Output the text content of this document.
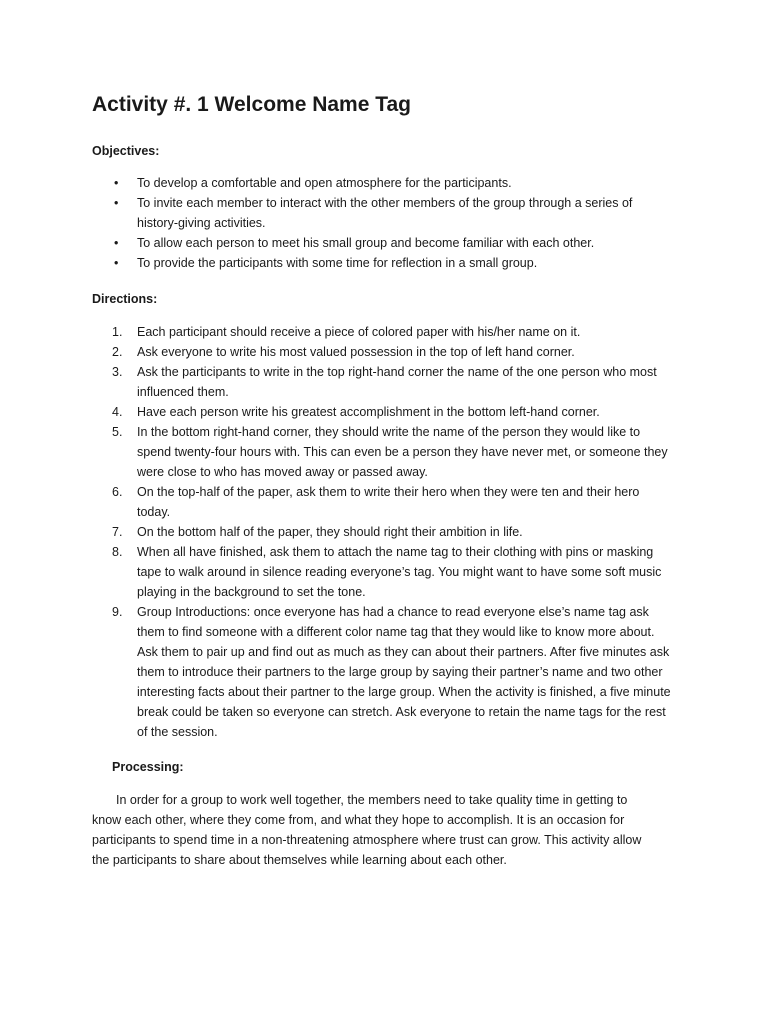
Activity #. 1 Welcome Name Tag
Objectives:
•	To develop a comfortable and open atmosphere for the participants.
•	To invite each member to interact with the other members of the group through a series of history-giving activities.
•	To allow each person to meet his small group and become familiar with each other.
•	To provide the participants with some time for reflection in a small group.
Directions:
1.	Each participant should receive a piece of colored paper with his/her name on it.
2.	Ask everyone to write his most valued possession in the top of left hand corner.
3.	Ask the participants to write in the top right-hand corner the name of the one person who most influenced them.
4.	Have each person write his greatest accomplishment in the bottom left-hand corner.
5.	In the bottom right-hand corner, they should write the name of the person they would like to spend twenty-four hours with. This can even be a person they have never met, or someone they were close to who has moved away or passed away.
6.	On the top-half of the paper, ask them to write their hero when they were ten and their hero today.
7.	On the bottom half of the paper, they should right their ambition in life.
8.	When all have finished, ask them to attach the name tag to their clothing with pins or masking tape to walk around in silence reading everyone’s tag. You might want to have some soft music playing in the background to set the tone.
9.	Group Introductions: once everyone has had a chance to read everyone else’s name tag ask them to find someone with a different color name tag that they would like to know more about. Ask them to pair up and find out as much as they can about their partners. After five minutes ask them to introduce their partners to the large group by saying their partner’s name and two other interesting facts about their partner to the large group. When the activity is finished, a five minute break could be taken so everyone can stretch. Ask everyone to retain the name tags for the rest of the session.
Processing:

In order for a group to work well together, the members need to take quality time in getting to know each other, where they come from, and what they hope to accomplish. It is an occasion for participants to spend time in a non-threatening atmosphere where trust can grow. This activity allow the participants to share about themselves while learning about each other.
